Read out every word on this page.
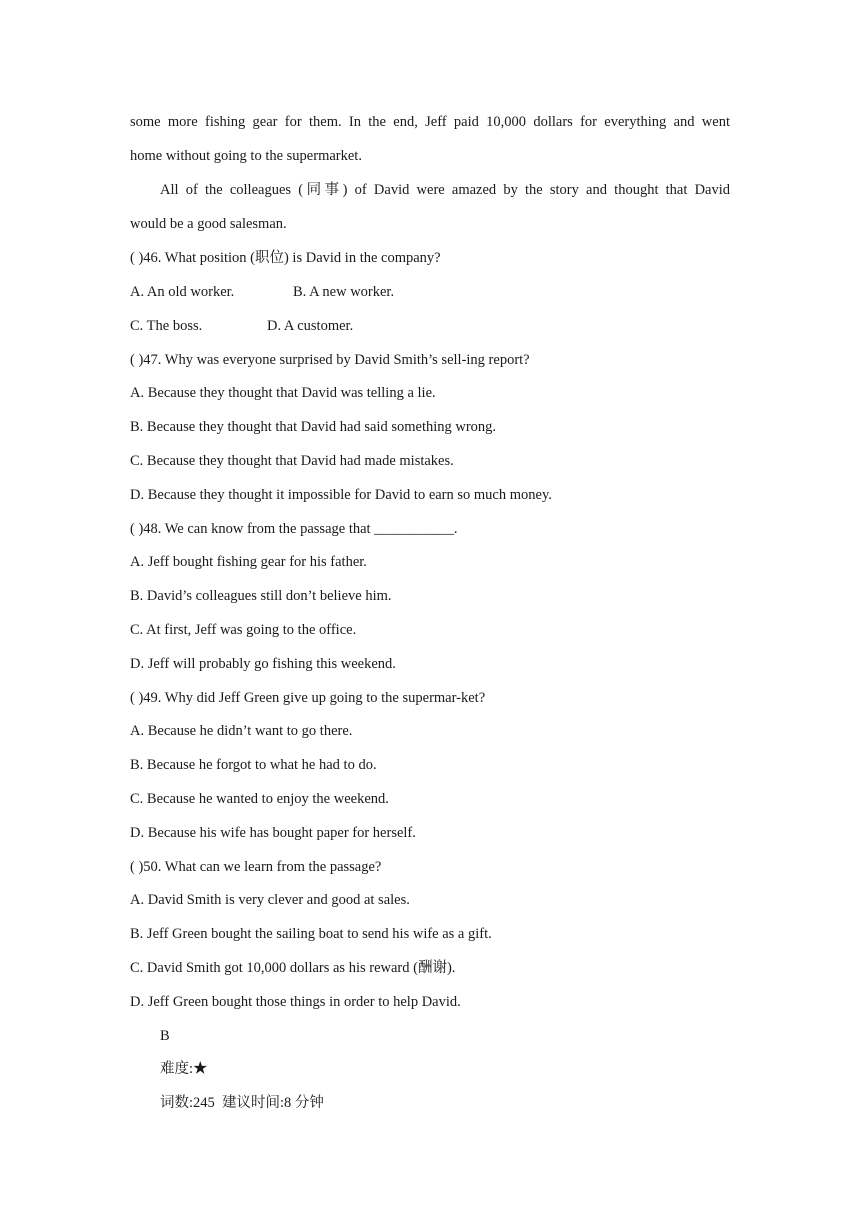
some more fishing gear for them. In the end, Jeff paid 10,000 dollars for everything and went
home without going to the supermarket.
All of the colleagues (同事) of David were amazed by the story and thought that David
would be a good salesman.
( )46. What position (职位) is David in the company?
A. An old worker.	B. A new worker.
C. The boss.	D. A customer.
( )47. Why was everyone surprised by David Smith’s sell-ing report?
A. Because they thought that David was telling a lie.
B. Because they thought that David had said something wrong.
C. Because they thought that David had made mistakes.
D. Because they thought it impossible for David to earn so much money.
( )48. We can know from the passage that ___________.
A. Jeff bought fishing gear for his father.
B. David’s colleagues still don’t believe him.
C. At first, Jeff was going to the office.
D. Jeff will probably go fishing this weekend.
( )49. Why did Jeff Green give up going to the supermar-ket?
A. Because he didn’t want to go there.
B. Because he forgot to what he had to do.
C. Because he wanted to enjoy the weekend.
D. Because his wife has bought paper for herself.
( )50. What can we learn from the passage?
A. David Smith is very clever and good at sales.
B. Jeff Green bought the sailing boat to send his wife as a gift.
C. David Smith got 10,000 dollars as his reward (酬谢).
D. Jeff Green bought those things in order to help David.
B
难度:★
词数:245  建议时间:8 分钟
